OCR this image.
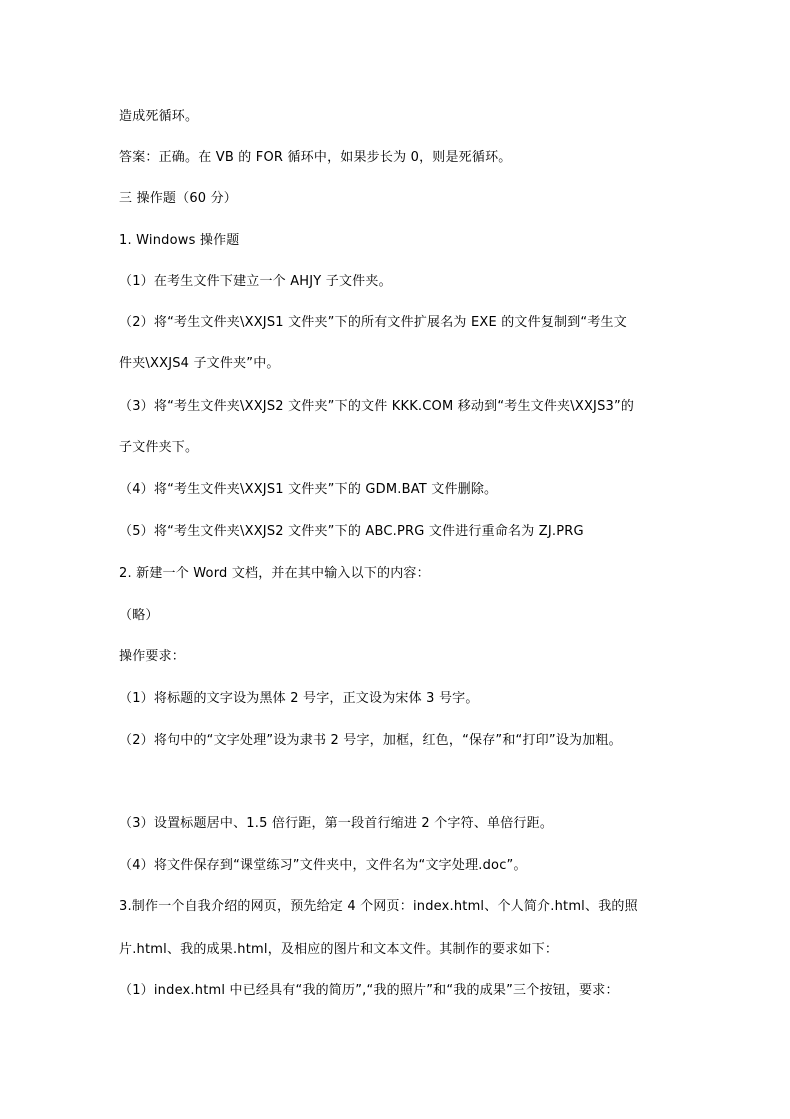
造成死循环。
答案：正确。在 VB 的 FOR 循环中，如果步长为 0，则是死循环。
三 操作题（60 分）
1. Windows 操作题
（1）在考生文件下建立一个 AHJY 子文件夹。
（2）将“考生文件夹\XXJS1 文件夹”下的所有文件扩展名为 EXE 的文件复制到“考生文
件夹\XXJS4 子文件夹”中。
（3）将“考生文件夹\XXJS2 文件夹”下的文件 KKK.COM 移动到“考生文件夹\XXJS3”的
子文件夹下。
（4）将“考生文件夹\XXJS1 文件夹”下的 GDM.BAT 文件删除。
（5）将“考生文件夹\XXJS2 文件夹”下的 ABC.PRG 文件进行重命名为 ZJ.PRG
2. 新建一个 Word 文档，并在其中输入以下的内容：
（略）
操作要求：
（1）将标题的文字设为黑体 2 号字，正文设为宋体 3 号字。
（2）将句中的“文字处理”设为隶书 2 号字，加框，红色，“保存”和“打印”设为加粗。
（3）设置标题居中、1.5 倍行距，第一段首行缩进 2 个字符、单倍行距。
（4）将文件保存到“课堂练习”文件夹中，文件名为“文字处理.doc”。
3.制作一个自我介绍的网页，预先给定 4 个网页：index.html、个人简介.html、我的照
片.html、我的成果.html，及相应的图片和文本文件。其制作的要求如下：
（1）index.html 中已经具有“我的简历”,“我的照片”和“我的成果”三个按钮，要求：
